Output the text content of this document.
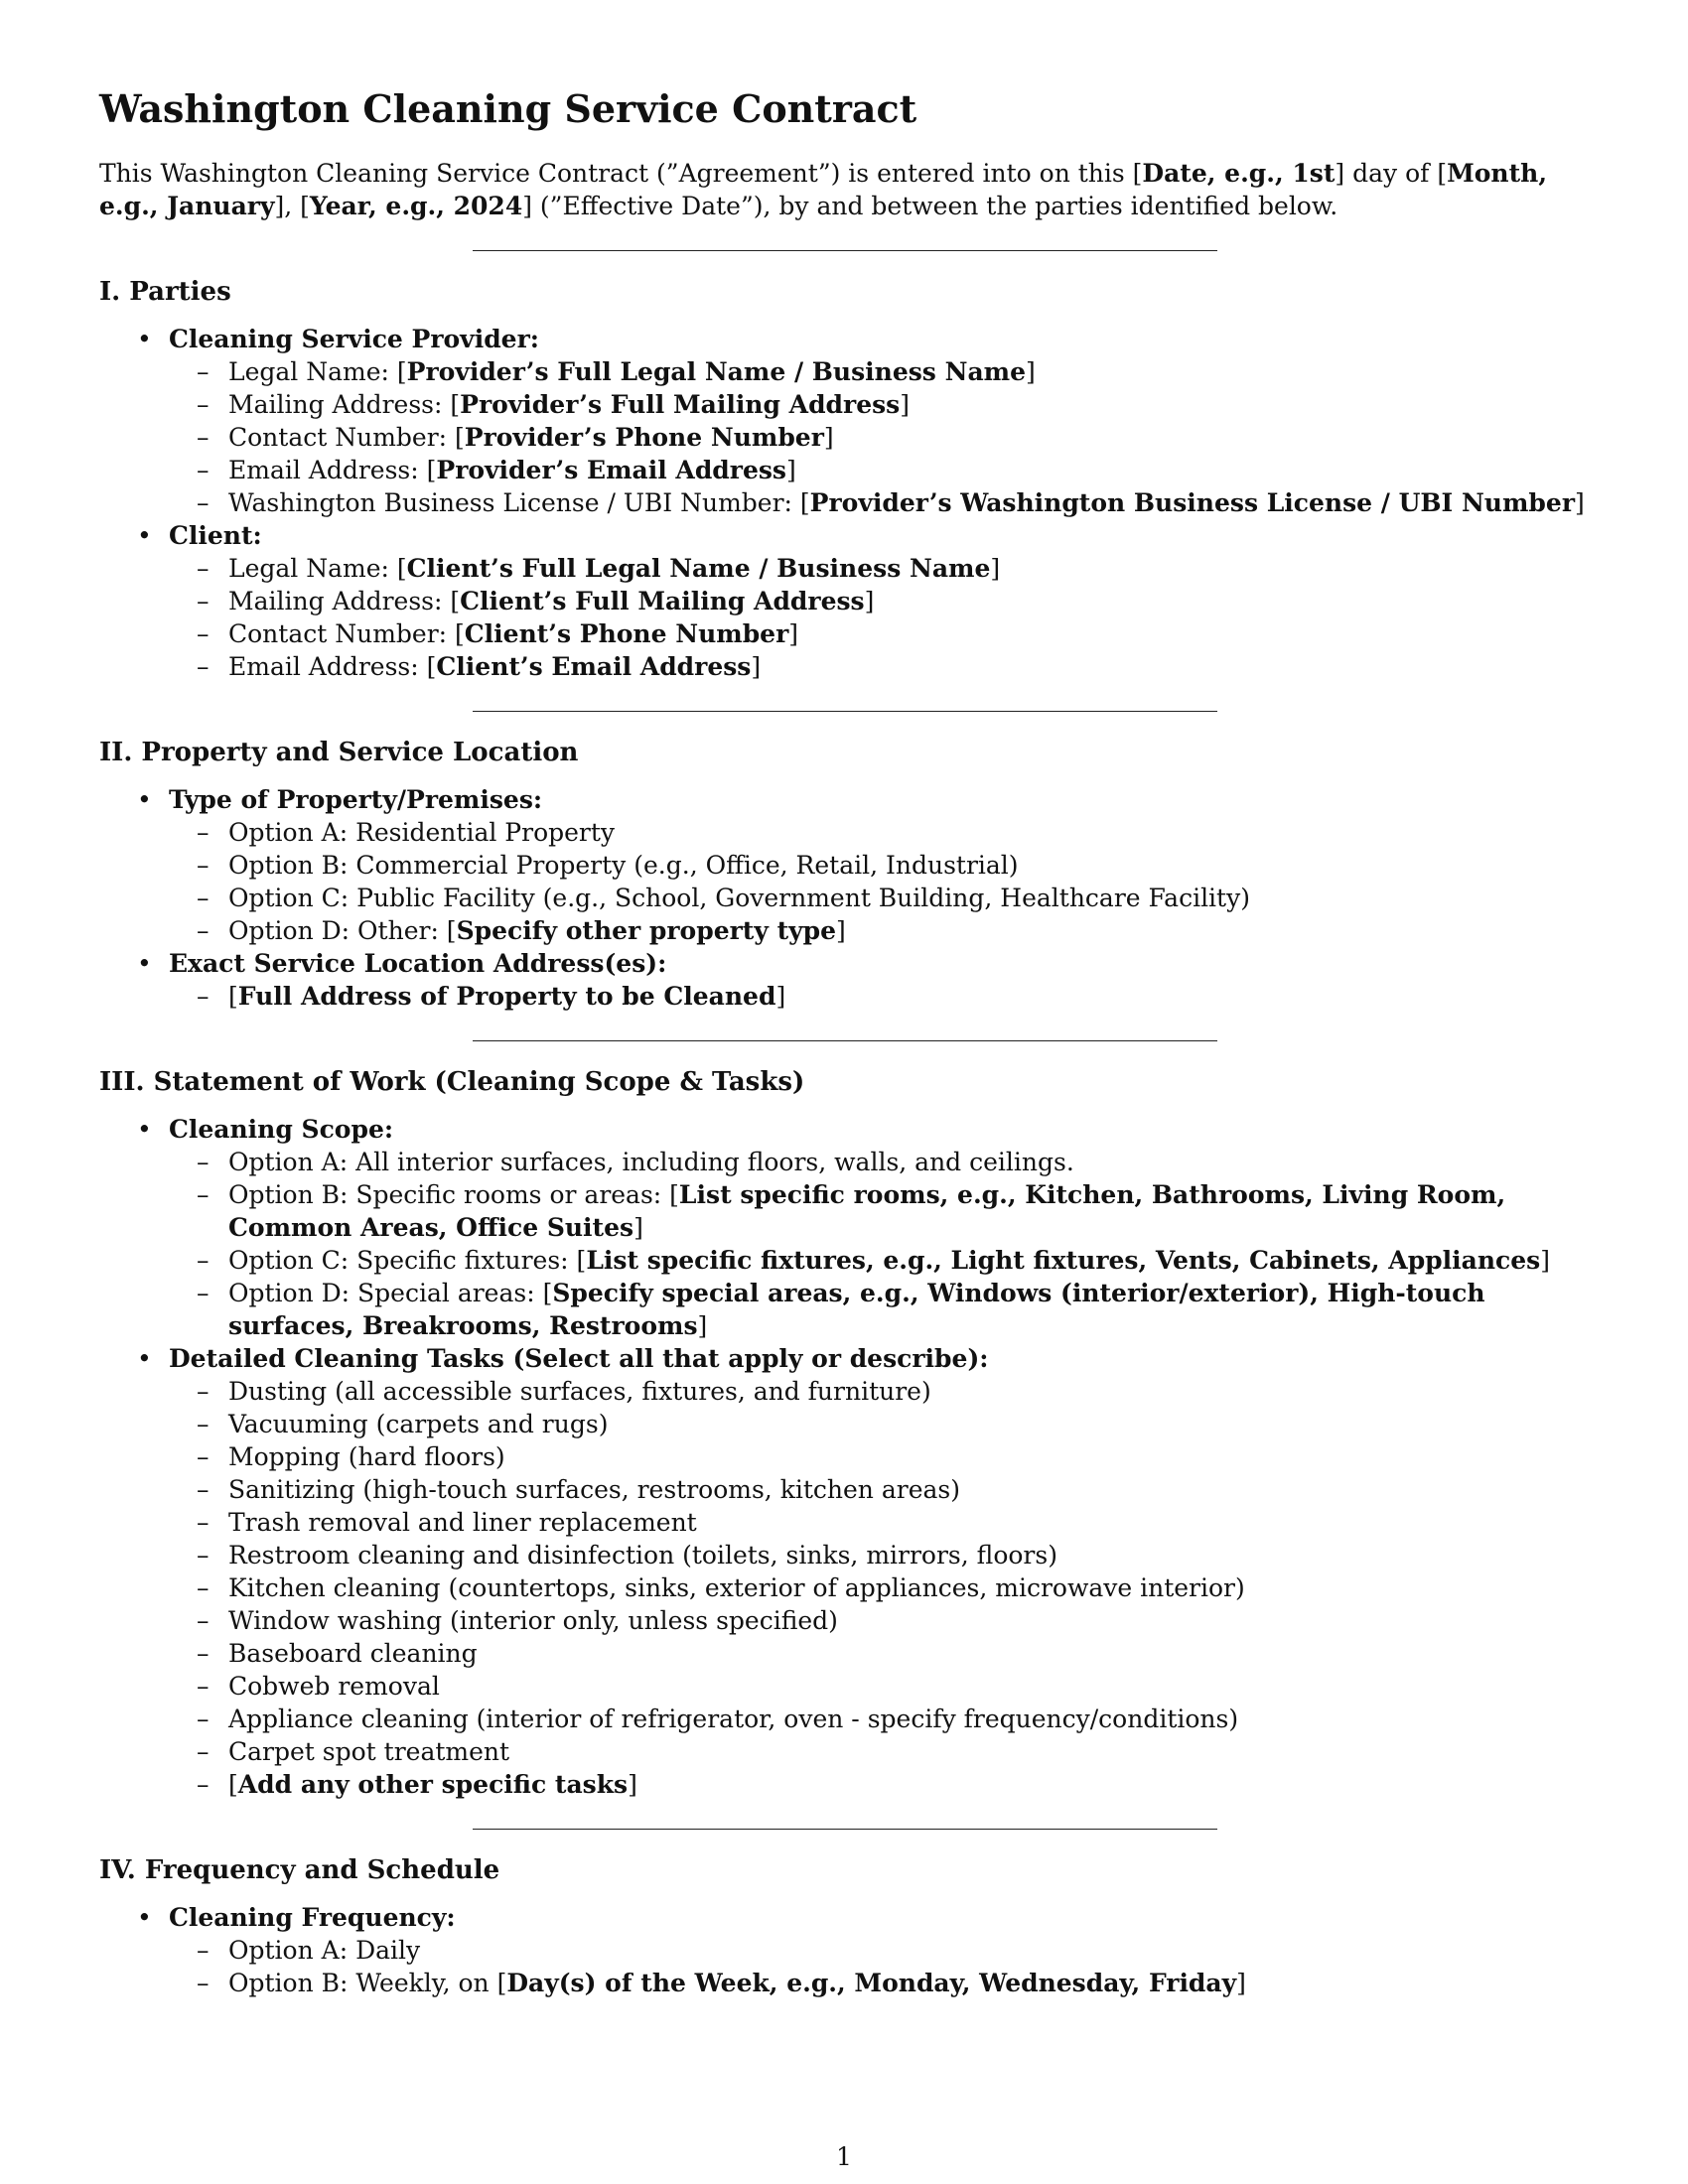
Washington Cleaning Service Contract

This Washington Cleaning Service Contract (”Agreement”) is entered into on this [Date, e.g., 1st] day of [Month, e.g., January], [Year, e.g., 2024] (”Effective Date”), by and between the parties identified below.

I. Parties
• Cleaning Service Provider:
– Legal Name: [Provider’s Full Legal Name / Business Name]
– Mailing Address: [Provider’s Full Mailing Address]
– Contact Number: [Provider’s Phone Number]
– Email Address: [Provider’s Email Address]
– Washington Business License / UBI Number: [Provider’s Washington Business License / UBI Number]
• Client:
– Legal Name: [Client’s Full Legal Name / Business Name]
– Mailing Address: [Client’s Full Mailing Address]
– Contact Number: [Client’s Phone Number]
– Email Address: [Client’s Email Address]
II. Property and Service Location
• Type of Property/Premises:
– Option A: Residential Property
– Option B: Commercial Property (e.g., Office, Retail, Industrial)
– Option C: Public Facility (e.g., School, Government Building, Healthcare Facility)
– Option D: Other: [Specify other property type]
• Exact Service Location Address(es):
– [Full Address of Property to be Cleaned]
III. Statement of Work (Cleaning Scope & Tasks)
• Cleaning Scope:
– Option A: All interior surfaces, including floors, walls, and ceilings.
– Option B: Specific rooms or areas: [List specific rooms, e.g., Kitchen, Bathrooms, Living Room, Common Areas, Office Suites]
– Option C: Specific fixtures: [List specific fixtures, e.g., Light fixtures, Vents, Cabinets, Appliances]
– Option D: Special areas: [Specify special areas, e.g., Windows (interior/exterior), High-touch surfaces, Breakrooms, Restrooms]
• Detailed Cleaning Tasks (Select all that apply or describe):
– Dusting (all accessible surfaces, fixtures, and furniture)
– Vacuuming (carpets and rugs)
– Mopping (hard floors)
– Sanitizing (high-touch surfaces, restrooms, kitchen areas)
– Trash removal and liner replacement
– Restroom cleaning and disinfection (toilets, sinks, mirrors, floors)
– Kitchen cleaning (countertops, sinks, exterior of appliances, microwave interior)
– Window washing (interior only, unless specified)
– Baseboard cleaning
– Cobweb removal
– Appliance cleaning (interior of refrigerator, oven - specify frequency/conditions)
– Carpet spot treatment
– [Add any other specific tasks]
IV. Frequency and Schedule
• Cleaning Frequency:
– Option A: Daily
– Option B: Weekly, on [Day(s) of the Week, e.g., Monday, Wednesday, Friday]
1
